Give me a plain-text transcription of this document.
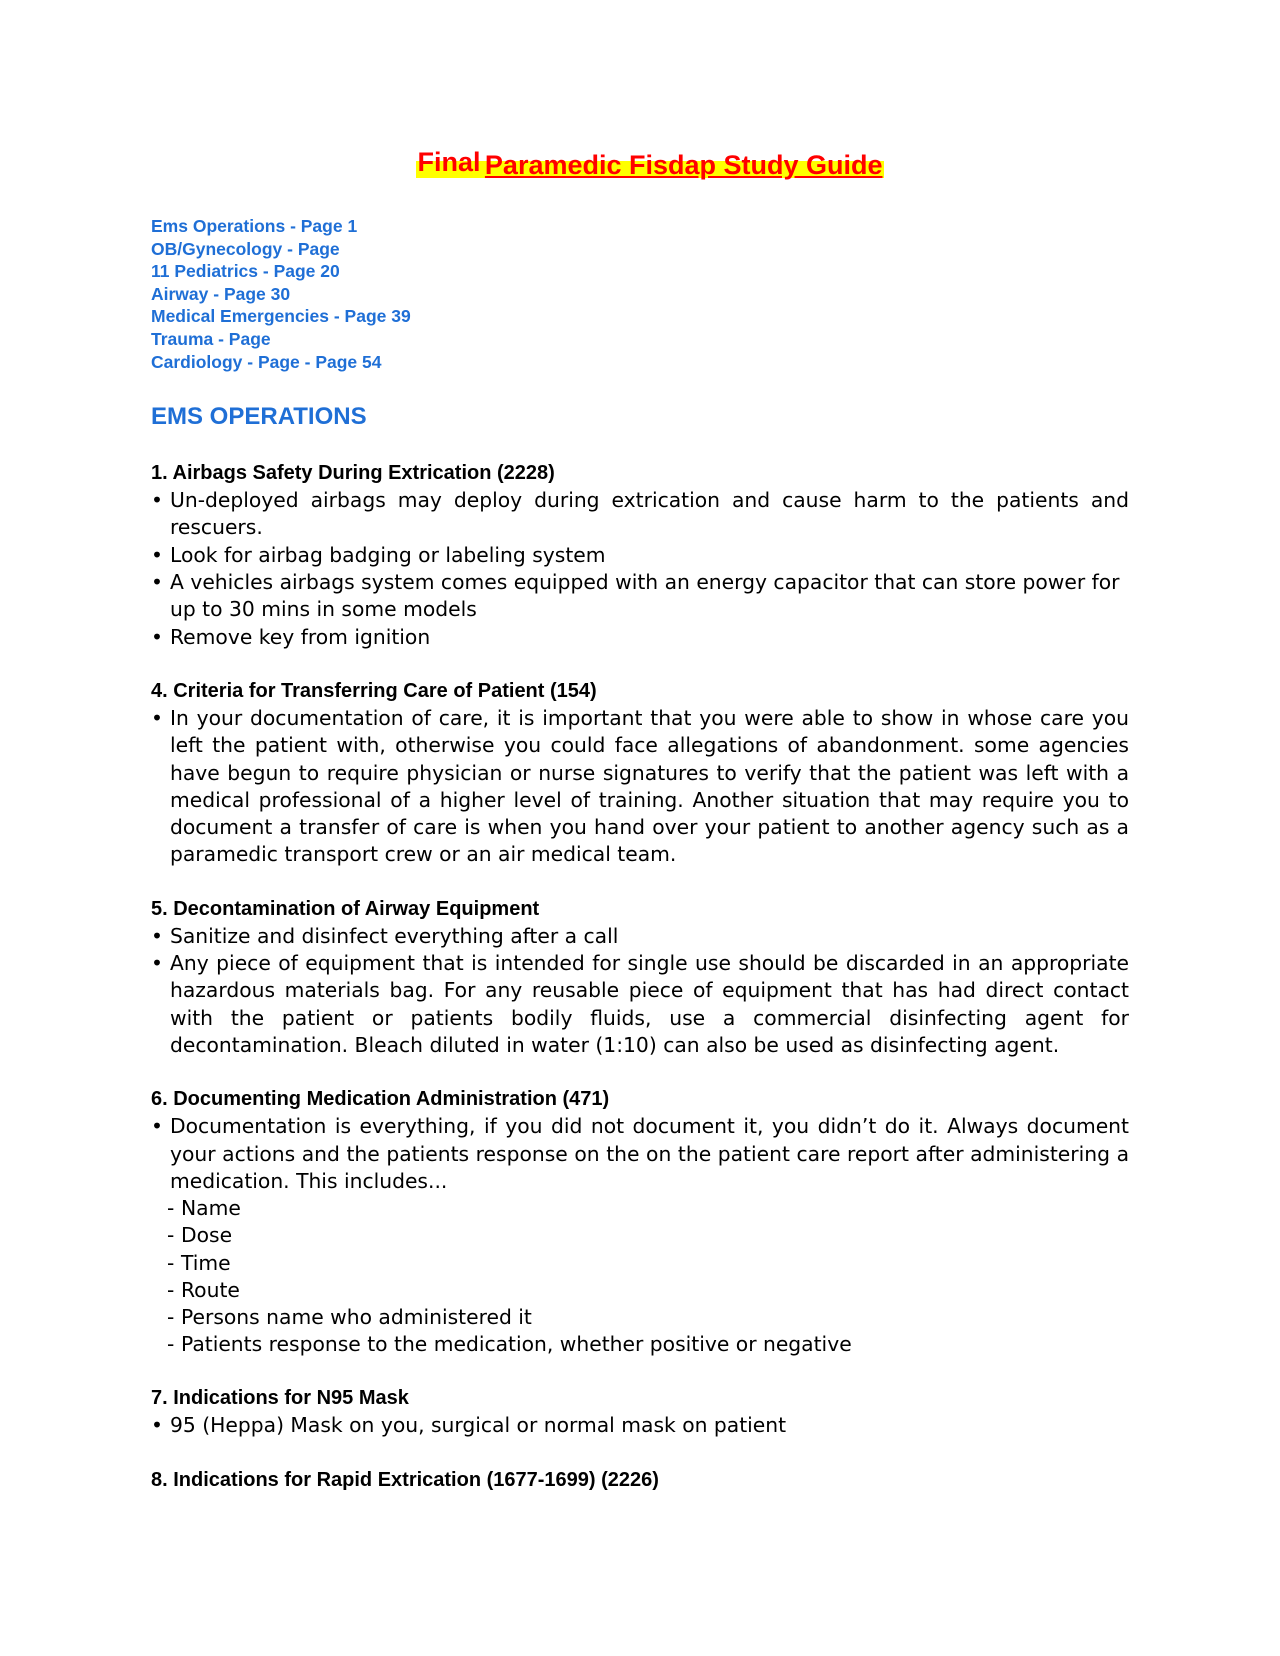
Final Paramedic Fisdap Study Guide
Ems Operations - Page 1
OB/Gynecology - Page
11 Pediatrics - Page 20
Airway - Page 30
Medical Emergencies - Page 39
Trauma - Page
Cardiology - Page - Page 54
EMS OPERATIONS
1. Airbags Safety During Extrication (2228)
• Un-deployed airbags may deploy during extrication and cause harm to the patients and rescuers.
• Look for airbag badging or labeling system
• A vehicles airbags system comes equipped with an energy capacitor that can store power for up to 30 mins in some models
• Remove key from ignition
4. Criteria for Transferring Care of Patient (154)
• In your documentation of care, it is important that you were able to show in whose care you left the patient with, otherwise you could face allegations of abandonment. some agencies have begun to require physician or nurse signatures to verify that the patient was left with a medical professional of a higher level of training. Another situation that may require you to document a transfer of care is when you hand over your patient to another agency such as a paramedic transport crew or an air medical team.
5. Decontamination of Airway Equipment
• Sanitize and disinfect everything after a call
• Any piece of equipment that is intended for single use should be discarded in an appropriate hazardous materials bag. For any reusable piece of equipment that has had direct contact with the patient or patients bodily fluids, use a commercial disinfecting agent for decontamination. Bleach diluted in water (1:10) can also be used as disinfecting agent.
6. Documenting Medication Administration (471)
• Documentation is everything, if you did not document it, you didn’t do it. Always document your actions and the patients response on the on the patient care report after administering a medication. This includes...
- Name
- Dose
- Time
- Route
- Persons name who administered it
- Patients response to the medication, whether positive or negative
7. Indications for N95 Mask
• 95 (Heppa) Mask on you, surgical or normal mask on patient
8. Indications for Rapid Extrication (1677-1699) (2226)
